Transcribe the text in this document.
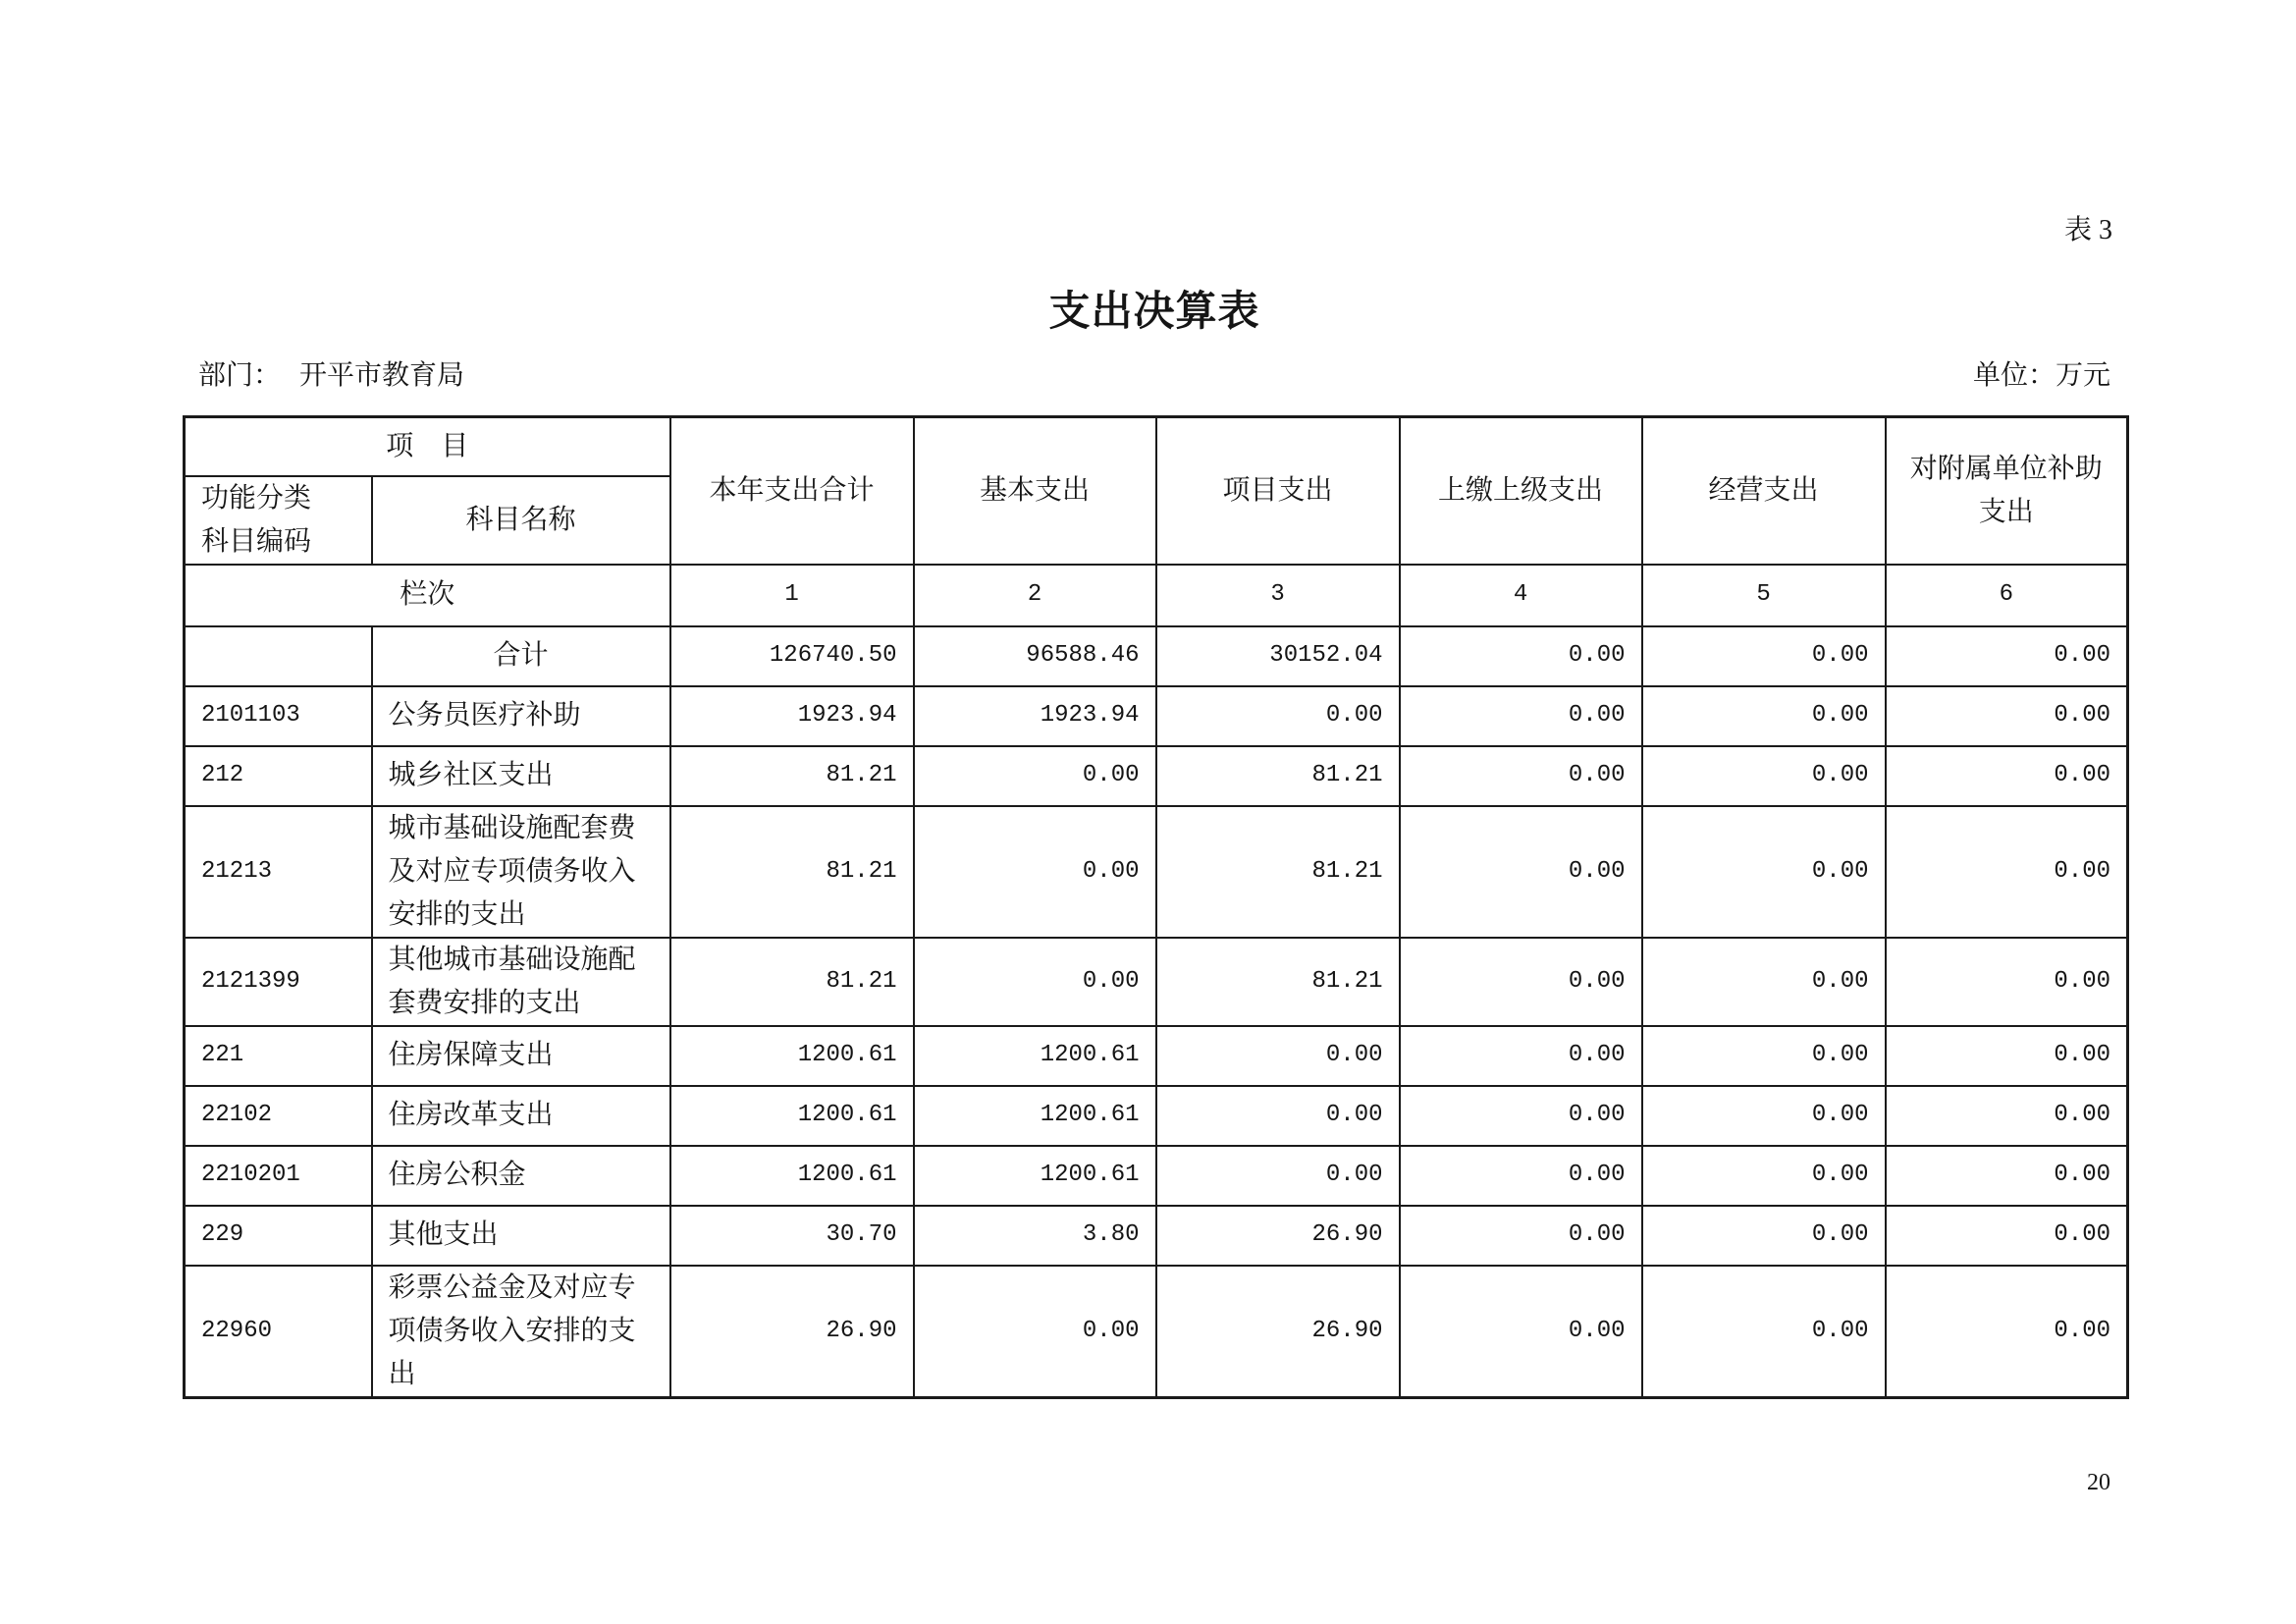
表 3
支出决算表
部门： 开平市教育局	单位：万元
项    目		本年支出合计	基本支出	项目支出	上缴上级支出	经营支出	对附属单位补助支出

功能分类
科目编码	科目名称						
栏次		1	2	3	4	5	6
	合计	126740.50	96588.46	30152.04	0.00	0.00	0.00
2101103	公务员医疗补助	1923.94	1923.94	0.00	0.00	0.00	0.00
212	城乡社区支出	81.21	0.00	81.21	0.00	0.00	0.00
21213	城市基础设施配套费及对应专项债务收入安排的支出	81.21	0.00	81.21	0.00	0.00	0.00
2121399	其他城市基础设施配套费安排的支出	81.21	0.00	81.21	0.00	0.00	0.00
221	住房保障支出	1200.61	1200.61	0.00	0.00	0.00	0.00
22102	住房改革支出	1200.61	1200.61	0.00	0.00	0.00	0.00
2210201	住房公积金	1200.61	1200.61	0.00	0.00	0.00	0.00
229	其他支出	30.70	3.80	26.90	0.00	0.00	0.00
22960	彩票公益金及对应专项债务收入安排的支出	26.90	0.00	26.90	0.00	0.00	0.00
20
